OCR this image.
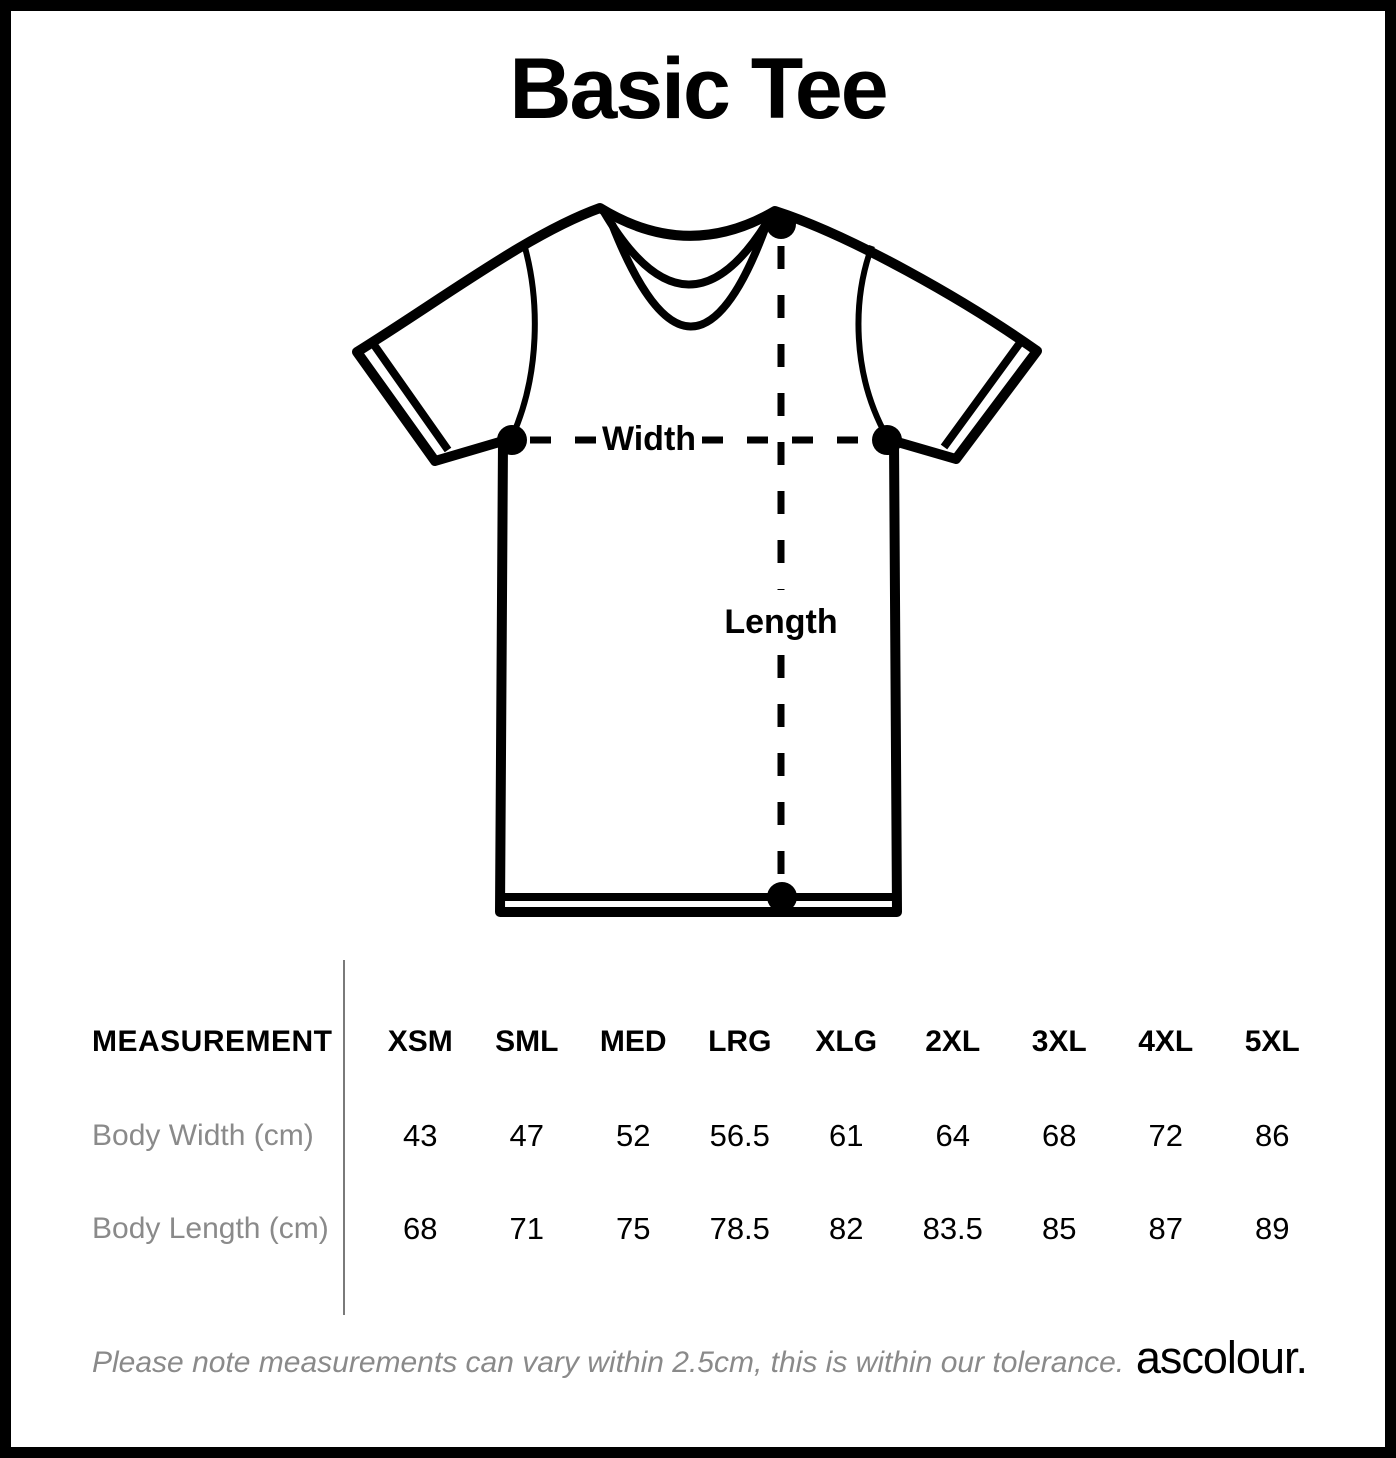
Basic Tee
Width
Length
MEASUREMENT	XSM	SML	MED	LRG	XLG	2XL	3XL	4XL	5XL
Body Width (cm)	43	47	52	56.5	61	64	68	72	86
Body Length (cm)	68	71	75	78.5	82	83.5	85	87	89
Please note measurements can vary within 2.5cm, this is within our tolerance. ascolour.
